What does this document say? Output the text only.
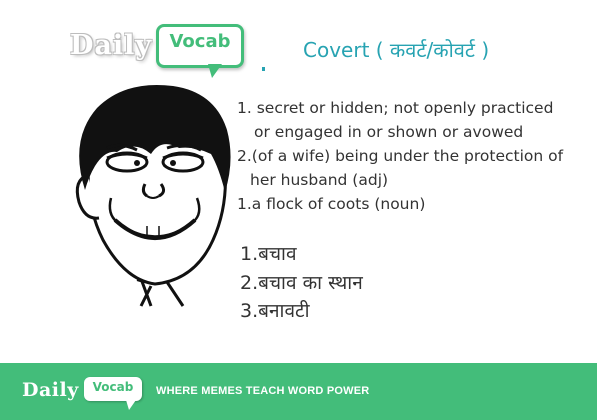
Daily Vocab	Covert ( कवर्ट/कोवर्ट )

1. secret or hidden; not openly practiced
or engaged in or shown or avowed

2.(of a wife) being under the protection of
her husband (adj)

1.a flock of coots (noun)

1.बचाव
2.बचाव का स्थान
3.बनावटी
Daily	Vocab	WHERE MEMES TEACH WORD POWER
